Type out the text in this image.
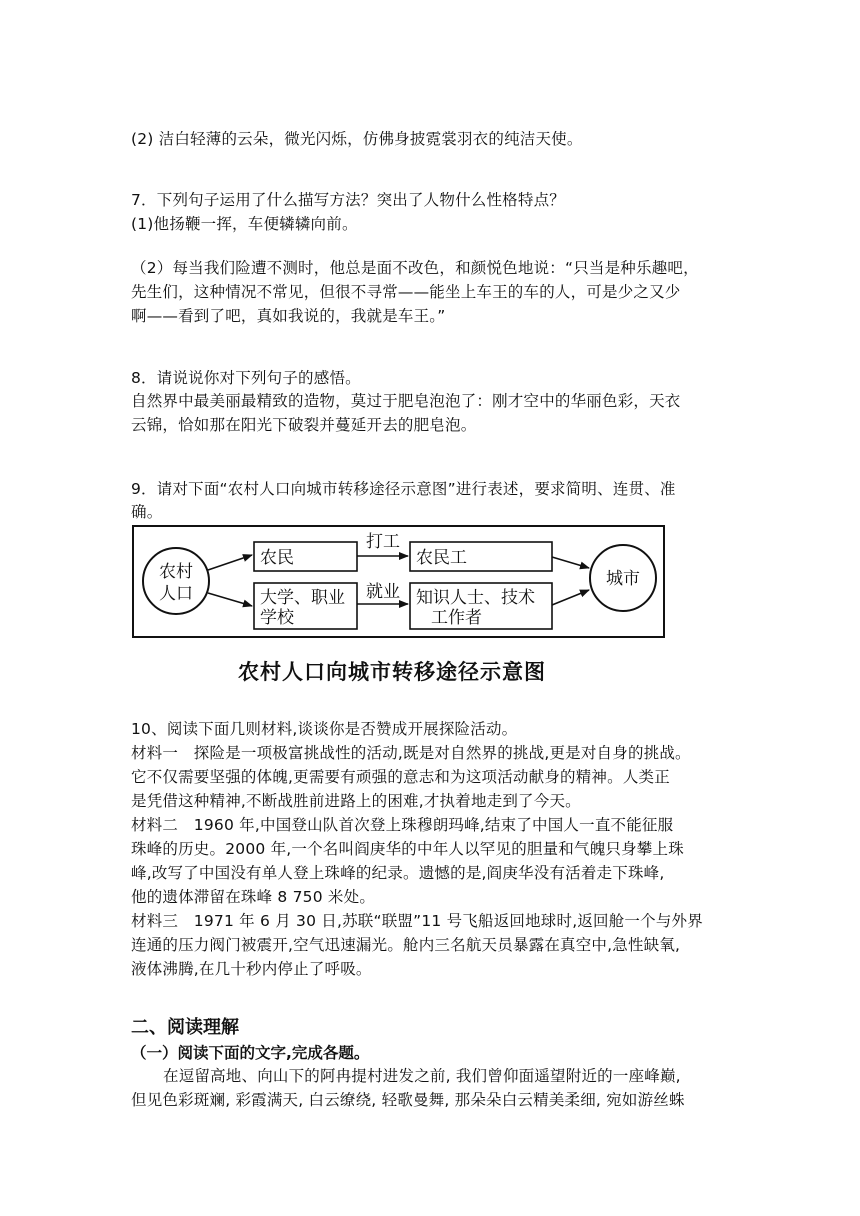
(2) 洁白轻薄的云朵，微光闪烁，仿佛身披霓裳羽衣的纯洁天使。
7．下列句子运用了什么描写方法？突出了人物什么性格特点？
(1)他扬鞭一挥，车便辚辚向前。
（2）每当我们险遭不测时，他总是面不改色，和颜悦色地说：“只当是种乐趣吧，
先生们，这种情况不常见，但很不寻常——能坐上车王的车的人，可是少之又少
啊——看到了吧，真如我说的，我就是车王。”
8．请说说你对下列句子的感悟。
自然界中最美丽最精致的造物，莫过于肥皂泡泡了：刚才空中的华丽色彩，天衣
云锦，恰如那在阳光下破裂并蔓延开去的肥皂泡。
9．请对下面“农村人口向城市转移途径示意图”进行表述，要求简明、连贯、准
确。
农村
人口
城市
农民	农民工
大学、职业
学校
知识人士、技术
工作者
打工
就业
农村人口向城市转移途径示意图
10、阅读下面几则材料,谈谈你是否赞成开展探险活动。
材料一　探险是一项极富挑战性的活动,既是对自然界的挑战,更是对自身的挑战。
它不仅需要坚强的体魄,更需要有顽强的意志和为这项活动献身的精神。人类正
是凭借这种精神,不断战胜前进路上的困难,才执着地走到了今天。
材料二　1960 年,中国登山队首次登上珠穆朗玛峰,结束了中国人一直不能征服
珠峰的历史。2000 年,一个名叫阎庚华的中年人以罕见的胆量和气魄只身攀上珠
峰,改写了中国没有单人登上珠峰的纪录。遗憾的是,阎庚华没有活着走下珠峰,
他的遗体滞留在珠峰 8 750 米处。
材料三　1971 年 6 月 30 日,苏联“联盟”11 号飞船返回地球时,返回舱一个与外界
连通的压力阀门被震开,空气迅速漏光。舱内三名航天员暴露在真空中,急性缺氧,
液体沸腾,在几十秒内停止了呼吸。
二、阅读理解
（一）阅读下面的文字,完成各题。
在逗留高地、向山下的阿冉提村进发之前, 我们曾仰面遥望附近的一座峰巅,
但见色彩斑斓, 彩霞满天, 白云缭绕, 轻歌曼舞, 那朵朵白云精美柔细, 宛如游丝蛛
